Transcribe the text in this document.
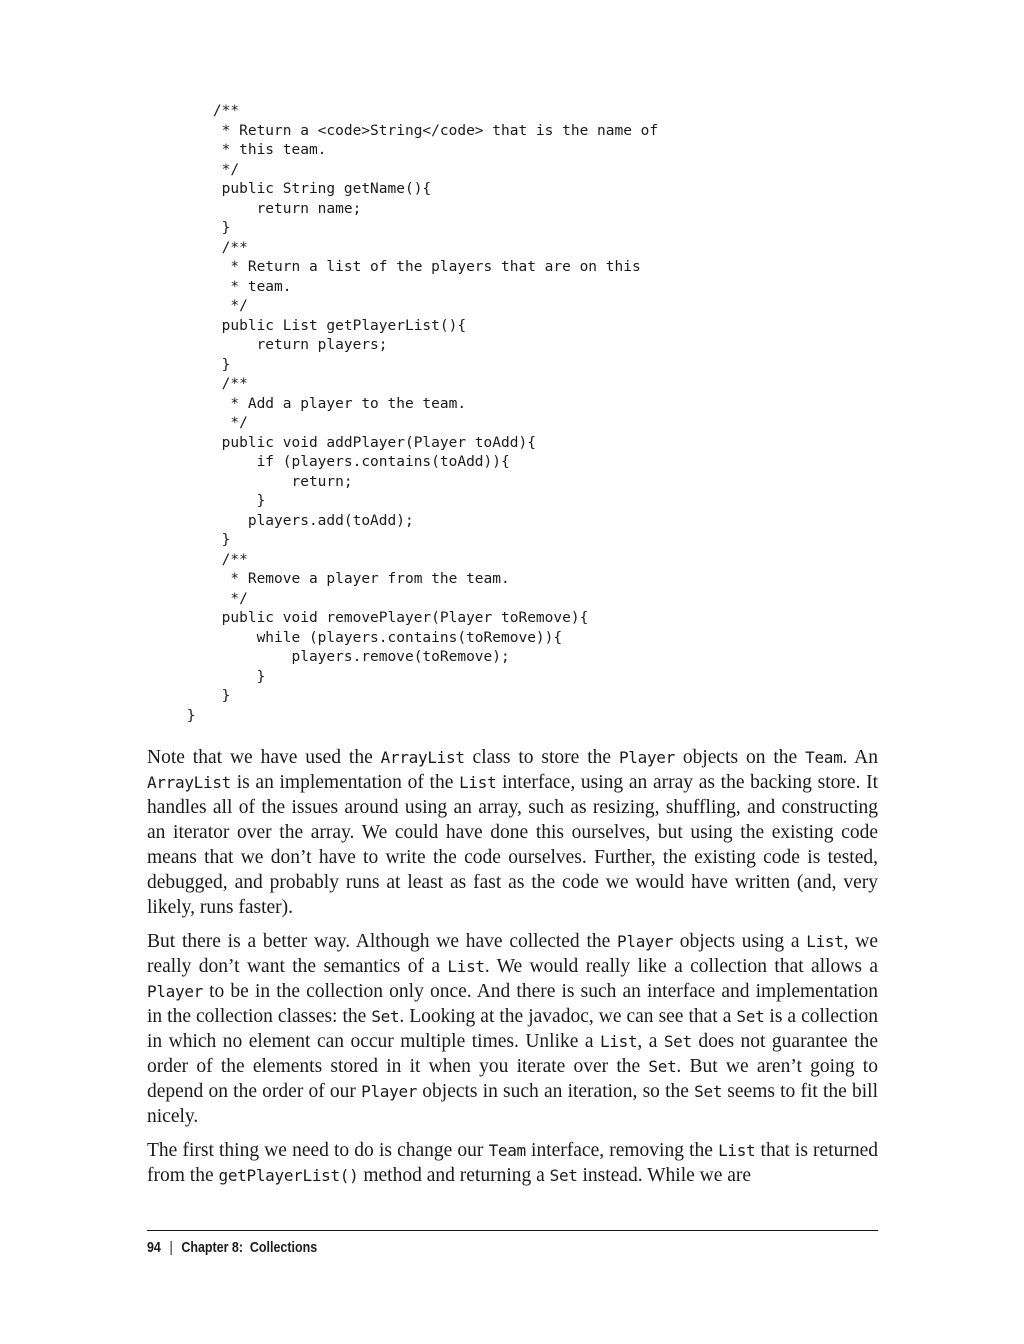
/**
* Return a <code>String</code> that is the name of
* this team.
*/
public String getName(){
return name;
}
/**
* Return a list of the players that are on this
* team.
*/
public List getPlayerList(){
return players;
}
/**
* Add a player to the team.
*/
public void addPlayer(Player toAdd){
if (players.contains(toAdd)){
return;
}
players.add(toAdd);
}
/**
* Remove a player from the team.
*/
public void removePlayer(Player toRemove){
while (players.contains(toRemove)){
players.remove(toRemove);
}
}
}

Note that we have used the ArrayList class to store the Player objects on the Team. An ArrayList is an implementation of the List interface, using an array as the backing store. It handles all of the issues around using an array, such as resizing, shuffling, and constructing an iterator over the array. We could have done this ourselves, but using the existing code means that we don’t have to write the code ourselves. Further, the existing code is tested, debugged, and probably runs at least as fast as the code we would have written (and, very likely, runs faster).

But there is a better way. Although we have collected the Player objects using a List, we really don’t want the semantics of a List. We would really like a collection that allows a Player to be in the collection only once. And there is such an interface and implementation in the collection classes: the Set. Looking at the javadoc, we can see that a Set is a collection in which no element can occur multiple times. Unlike a List, a Set does not guarantee the order of the elements stored in it when you iterate over the Set. But we aren’t going to depend on the order of our Player objects in such an iteration, so the Set seems to fit the bill nicely.

The first thing we need to do is change our Team interface, removing the List that is returned from the getPlayerList() method and returning a Set instead. While we are

94 | Chapter 8:  Collections
